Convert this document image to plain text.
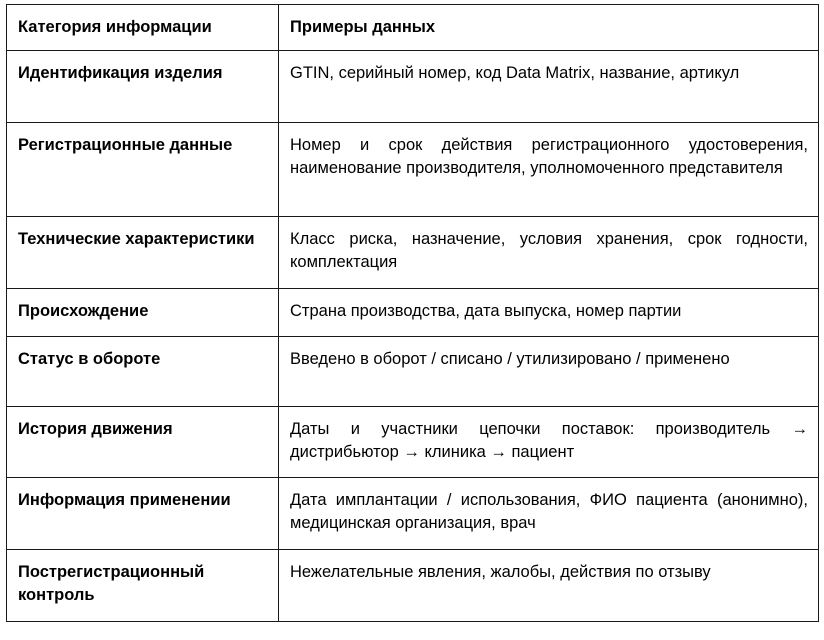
Категория информации	Примеры данных
Идентификация изделия	GTIN, серийный номер, код Data Matrix, название, артикул
Регистрационные данные	Номер и срок действия регистрационного удостоверения, наименование производителя, уполномоченного представителя
Технические характеристики	Класс риска, назначение, условия хранения, срок годности, комплектация
Происхождение	Страна производства, дата выпуска, номер партии
Статус в обороте	Введено в оборот / списано / утилизировано / применено
История движения	Даты и участники цепочки поставок: производитель → дистрибьютор → клиника → пациент
Информация применении	Дата имплантации / использования, ФИО пациента (анонимно), медицинская организация, врач
Пострегистрационный контроль	Нежелательные явления, жалобы, действия по отзыву
